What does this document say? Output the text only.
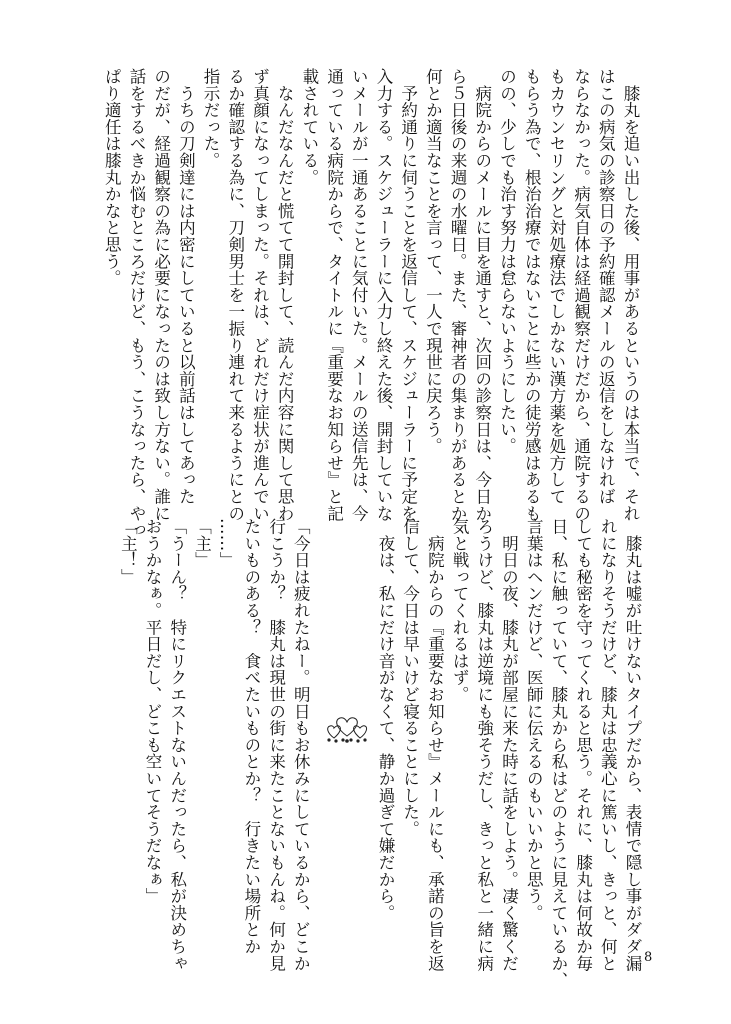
　膝丸を追い出した後、用事があるというのは本当で、それ
はこの病気の診察日の予約確認メールの返信をしなければ
ならなかった。病気自体は経過観察だけだから、通院するの
もカウンセリングと対処療法でしかない漢方薬を処方して
もらう為で、根治治療ではないことに些かの徒労感はあるも
のの、少しでも治す努力は怠らないようにしたい。
　病院からのメールに目を通すと、次回の診察日は、今日か
ら５日後の来週の水曜日。また、審神者の集まりがあるとか
何とか適当なことを言って、一人で現世に戻ろう。
　予約通りに伺うことを返信して、スケジューラーに予定を
入力する。スケジューラーに入力し終えた後、開封していな
いメールが一通あることに気付いた。メールの送信先は、今
通っている病院からで、タイトルに『重要なお知らせ』と記
載されている。
　なんだなんだと慌てて開封して、読んだ内容に関して思わ
ず真顔になってしまった。それは、どれだけ症状が進んでい
るか確認する為に、刀剣男士を一振り連れて来るようにとの
指示だった。
　うちの刀剣達には内密にしていると以前話はしてあった
のだが、経過観察の為に必要になったのは致し方ない。誰に
話をするべきか悩むところだけど、もう、こうなったら、やっ
ぱり適任は膝丸かなと思う。
　膝丸は嘘が吐けないタイプだから、表情で隠し事がダダ漏
れになりそうだけど、膝丸は忠義心に篤いし、きっと、何と
しても秘密を守ってくれると思う。それに、膝丸は何故か毎
日、私に触っていて、膝丸から私はどのように見えているか、
言葉はヘンだけど、医師に伝えるのもいいかと思う。
　明日の夜、膝丸が部屋に来た時に話をしよう。凄く驚くだ
ろうけど、膝丸は逆境にも強そうだし、きっと私と一緒に病
気と戦ってくれるはず。
　病院からの『重要なお知らせ』メールにも、承諾の旨を返
信して、今日は早いけど寝ることにした。
　夜は、私にだけ音がなくて、静か過ぎて嫌だから。
「今日は疲れたねー。明日もお休みにしているから、どこか
行こうか？　膝丸は現世の街に来たことないもんね。何か見
たいものある？　食べたいものとか？　行きたい場所とか
……」
「主」
「うーん？　特にリクエストないんだったら、私が決めちゃ
おうかなぁ。平日だし、どこも空いてそうだなぁ」
「主！」
8
